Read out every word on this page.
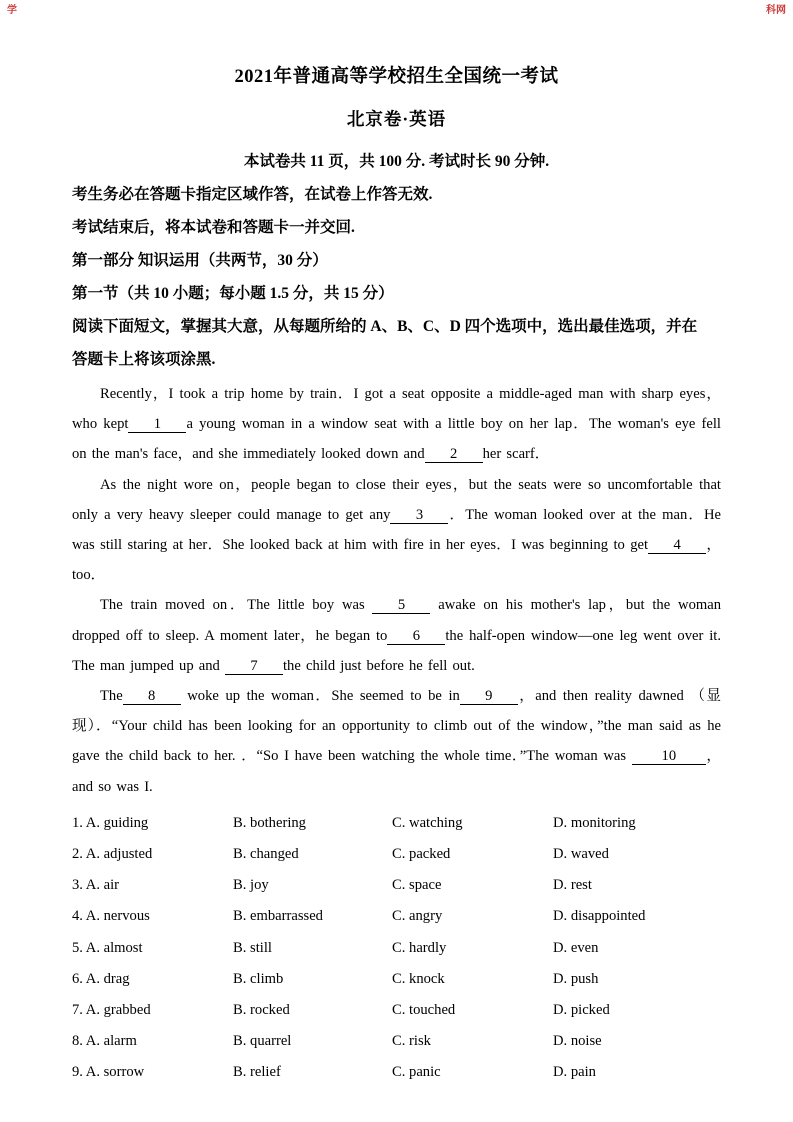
学	科网
2021年普通高等学校招生全国统一考试
北京卷·英语

本试卷共 11 页，共 100 分. 考试时长 90 分钟.

考生务必在答题卡指定区域作答，在试卷上作答无效.

考试结束后，将本试卷和答题卡一并交回.

第一部分 知识运用（共两节，30 分）

第一节（共 10 小题；每小题 1.5 分，共 15 分）

阅读下面短文，掌握其大意，从每题所给的 A、B、C、D 四个选项中，选出最佳选项，并在

答题卡上将该项涂黑.

Recently，I took a trip home by train．I got a seat opposite a middle-aged man with sharp eyes，who kept 1 a young woman in a window seat with a little boy on her lap．The woman's eye fell on the man's face，and she immediately looked down and 2 her scarf．

As the night wore on，people began to close their eyes，but the seats were so uncomfortable that only a very heavy sleeper could manage to get any 3 ．The woman looked over at the man．He was still staring at her．She looked back at him with fire in her eyes．I was beginning to get 4 ，too．

The train moved on．The little boy was 5 awake on his mother's lap，but the woman dropped off to sleep. A moment later，he began to 6 the half-open window—one leg went over it. The man jumped up and 7 the child just before he fell out.

The 8 woke up the woman．She seemed to be in 9 ，and then reality dawned （显现）．“Your child has been looking for an opportunity to climb out of the window，”the man said as he gave the child back to her. ．“So I have been watching the whole time．”The woman was 10 ，and so was I.

1. A. guiding	B. bothering	C. watching	D. monitoring
2. A. adjusted	B. changed	C. packed	D. waved
3. A. air	B. joy	C. space	D. rest
4. A. nervous	B. embarrassed	C. angry	D. disappointed
5. A. almost	B. still	C. hardly	D. even
6. A. drag	B. climb	C. knock	D. push
7. A. grabbed	B. rocked	C. touched	D. picked
8. A. alarm	B. quarrel	C. risk	D. noise
9. A. sorrow	B. relief	C. panic	D. pain
